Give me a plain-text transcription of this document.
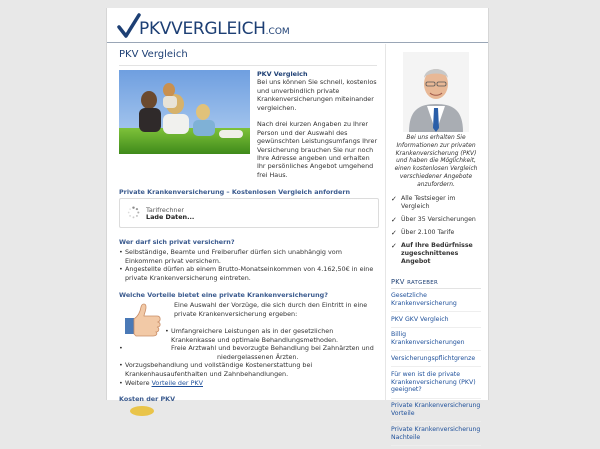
PKVVERGLEICH.COM
PKV Vergleich
PKV Vergleich
Bei uns können Sie schnell, kostenlos und unverbindlich private Krankenversicherungen miteinander vergleichen.
Nach drei kurzen Angaben zu Ihrer Person und der Auswahl des gewünschten Leistungsumfangs Ihrer Versicherung brauchen Sie nur noch Ihre Adresse angeben und erhalten Ihr persönliches Angebot umgehend frei Haus.
Private Krankenversicherung – Kostenlosen Vergleich anfordern
Tarifrechner
Lade Daten...
Wer darf sich privat versichern?
• Selbständige, Beamte und Freiberufler dürfen sich unabhängig vom Einkommen privat versichern.
• Angestellte dürfen ab einem Brutto-Monatseinkommen von 4.162,50€ in eine private Krankenversicherung eintreten.
Welche Vorteile bietet eine private Krankenversicherung?
Eine Auswahl der Vorzüge, die sich durch den Eintritt in eine private Krankenversicherung ergeben:
• Umfangreichere Leistungen als in der gesetzlichen Krankenkasse und optimale Behandlungsmethoden.
• Freie Arztwahl und bevorzugte Behandlung bei Zahnärzten und niedergelassenen Ärzten.
• Vorzugsbehandlung und vollständige Kostenerstattung bei Krankenhausaufenthalten und Zahnbehandlungen.
• Weitere Vorteile der PKV
Kosten der PKV
Bei uns erhalten Sie Informationen zur privaten Krankenversicherung (PKV) und haben die Möglichkeit, einen kostenlosen Vergleich verschiedener Angebote anzufordern.
✓ Alle Testsieger im Vergleich
✓ Über 35 Versicherungen
✓ Über 2.100 Tarife
✓ Auf Ihre Bedürfnisse zugeschnittenes Angebot
PKV RATGEBER
Gesetzliche Krankenversicherung
PKV GKV Vergleich
Billig Krankenversicherungen
Versicherungspflichtgrenze
Für wen ist die private Krankenversicherung (PKV) geeignet?
Private Krankenversicherung Vorteile
Private Krankenversicherung Nachteile
